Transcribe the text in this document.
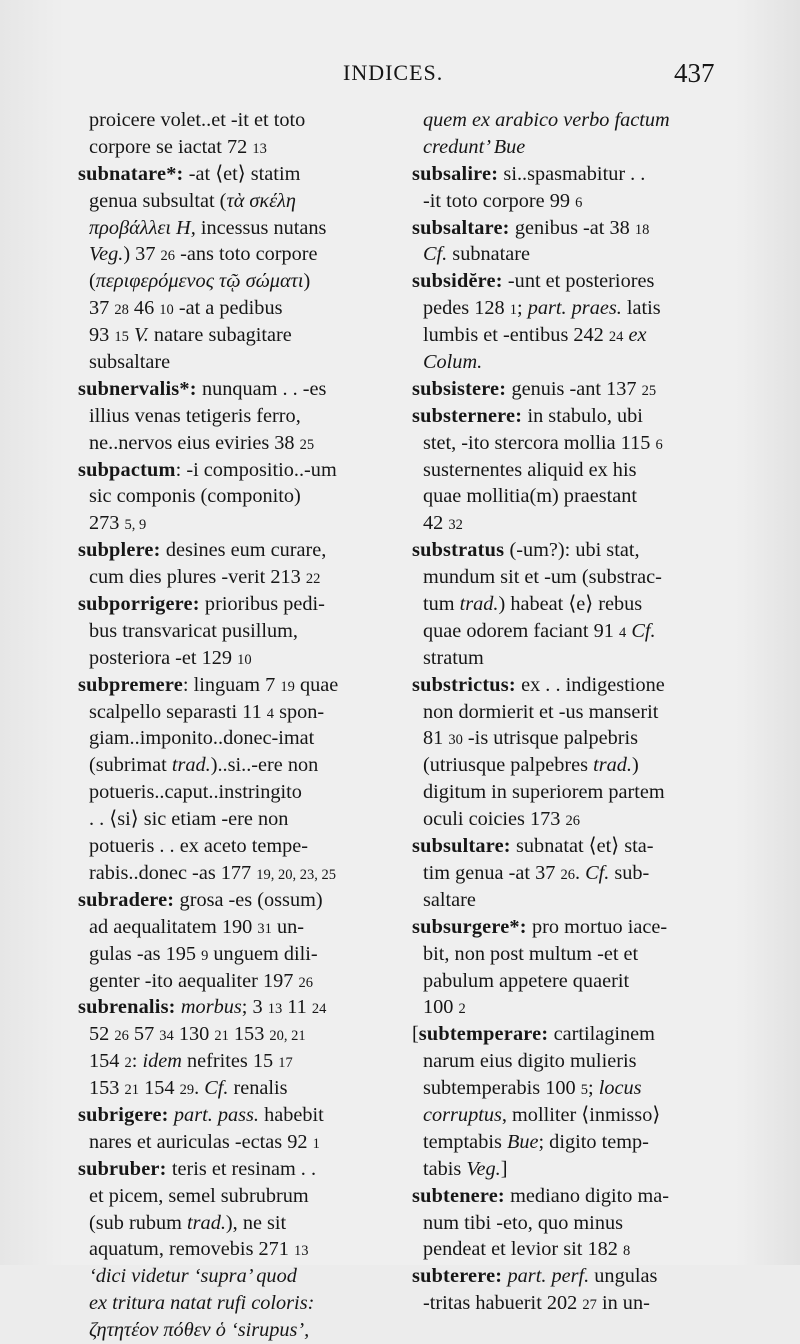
INDICES.	437
proicere volet..et -it et toto
corpore se iactat 72 13
subnatare*: -at ⟨et⟩ statim
genua subsultat (τὰ σκέλη
προβάλλει H, incessus nutans
Veg.) 37 26 -ans toto corpore
(περιφερόμενος τῷ σώματι)
37 28 46 10 -at a pedibus
93 15 V. natare subagitare
subsaltare
subnervalis*: nunquam . . -es
illius venas tetigeris ferro,
ne..nervos eius eviries 38 25
subpactum: -i compositio..-um
sic componis (componito)
273 5, 9
subplere: desines eum curare,
cum dies plures -verit 213 22
subporrigere: prioribus pedi-
bus transvaricat pusillum,
posteriora -et 129 10
subpremere: linguam 7 19 quae
scalpello separasti 11 4 spon-
giam..imponito..donec-imat
(subrimat trad.)..si..-ere non
potueris..caput..instringito
. . ⟨si⟩ sic etiam -ere non
potueris . . ex aceto tempe-
rabis..donec -as 177 19, 20, 23, 25
subradere: grosa -es (ossum)
ad aequalitatem 190 31 un-
gulas -as 195 9 unguem dili-
genter -ito aequaliter 197 26
subrenalis: morbus; 3 13 11 24
52 26 57 34 130 21 153 20, 21
154 2: idem nefrites 15 17
153 21 154 29. Cf. renalis
subrigere: part. pass. habebit
nares et auriculas -ectas 92 1
subruber: teris et resinam . .
et picem, semel subrubrum
(sub rubum trad.), ne sit
aquatum, removebis 271 13
‘dici videtur ‘supra’ quod
ex tritura natat rufi coloris:
ζητητέον πόθεν ὁ ‘sirupus’,
quem ex arabico verbo factum
credunt’ Bue
subsalire: si..spasmabitur . .
-it toto corpore 99 6
subsaltare: genibus -at 38 18
Cf. subnatare
subsidĕre: -unt et posteriores
pedes 128 1; part. praes. latis
lumbis et -entibus 242 24 ex
Colum.
subsistere: genuis -ant 137 25
substernere: in stabulo, ubi
stet, -ito stercora mollia 115 6
susternentes aliquid ex his
quae mollitia(m) praestant
42 32
substratus (-um?): ubi stat,
mundum sit et -um (substrac-
tum trad.) habeat ⟨e⟩ rebus
quae odorem faciant 91 4 Cf.
stratum
substrictus: ex . . indigestione
non dormierit et -us manserit
81 30 -is utrisque palpebris
(utriusque palpebres trad.)
digitum in superiorem partem
oculi coicies 173 26
subsultare: subnatat ⟨et⟩ sta-
tim genua -at 37 26. Cf. sub-
saltare
subsurgere*: pro mortuo iace-
bit, non post multum -et et
pabulum appetere quaerit
100 2
[subtemperare: cartilaginem
narum eius digito mulieris
subtemperabis 100 5; locus
corruptus, molliter ⟨inmisso⟩
temptabis Bue; digito temp-
tabis Veg.]
subtenere: mediano digito ma-
num tibi -eto, quo minus
pendeat et levior sit 182 8
subterere: part. perf. ungulas
-tritas habuerit 202 27 in un-
